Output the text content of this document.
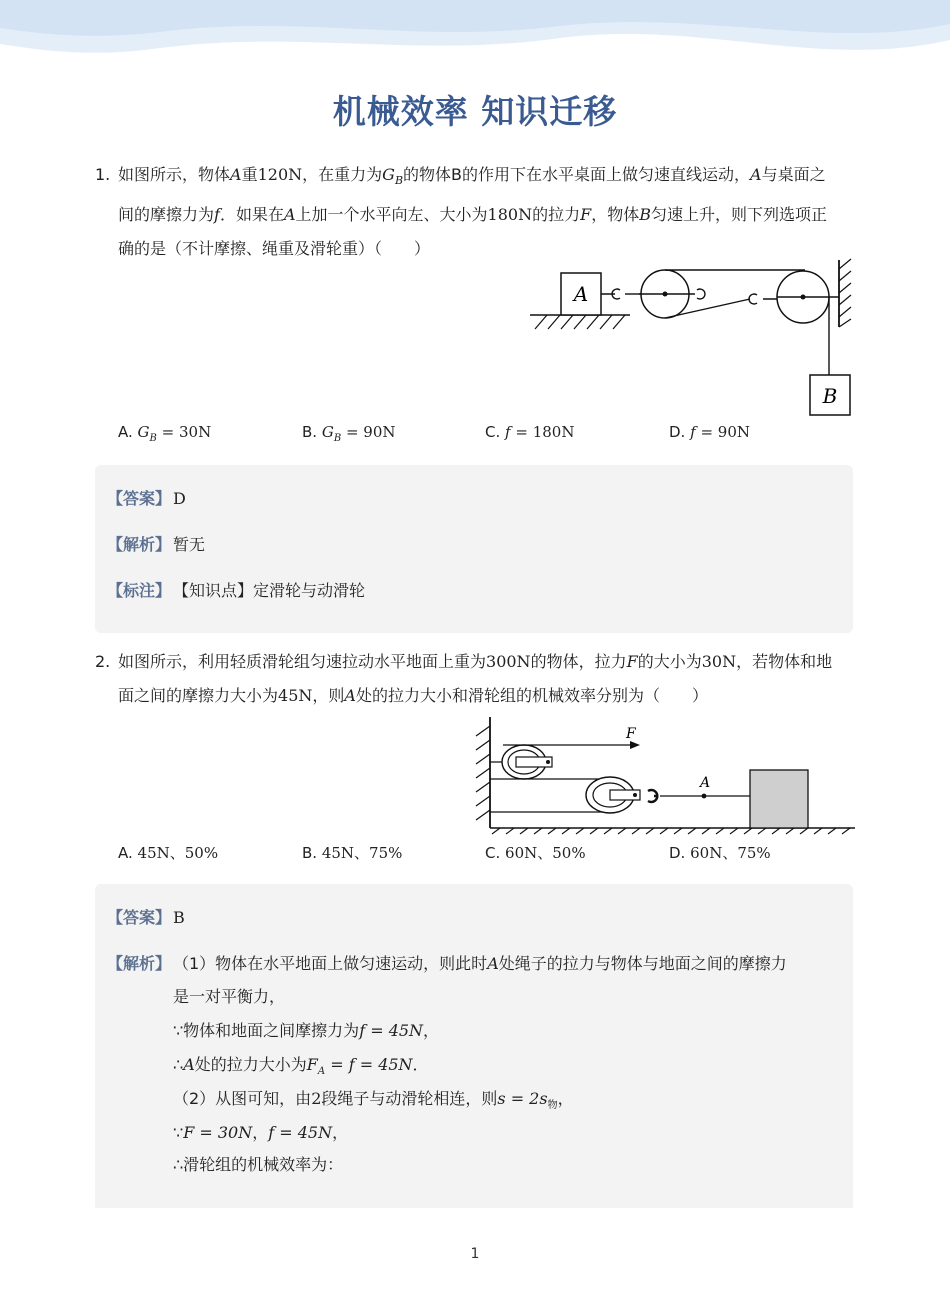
机械效率 知识迁移
1. 如图所示，物体A重120N，在重力为$G_B$的物体B的作用下在水平桌面上做匀速直线运动，A与桌面之
间的摩擦力为f．如果在A上加一个水平向左、大小为180N的拉力F，物体B匀速上升，则下列选项正
确的是（不计摩擦、绳重及滑轮重）（　　）
A
B
A. $G_B = 30N$	B. $G_B = 90N$	C. f = 180N	D. f = 90N
【答案】 D
【解析】 暂无
【标注】 【知识点】定滑轮与动滑轮
2. 如图所示，利用轻质滑轮组匀速拉动水平地面上重为300N的物体，拉力F的大小为30N，若物体和地
面之间的摩擦力大小为45N，则A处的拉力大小和滑轮组的机械效率分别为（　　）
F
A
A. 45N、50%	B. 45N、75%	C. 60N、50%	D. 60N、75%
【答案】 B
【解析】 （1）物体在水平地面上做匀速运动，则此时A处绳子的拉力与物体与地面之间的摩擦力
是一对平衡力，
∵物体和地面之间摩擦力为f = 45N，
∴A处的拉力大小为$F_A = f = 45N$．
（2）从图可知，由2段绳子与动滑轮相连，则$s = 2s_物$，
∵F = 30N，f = 45N，
∴滑轮组的机械效率为：
1
